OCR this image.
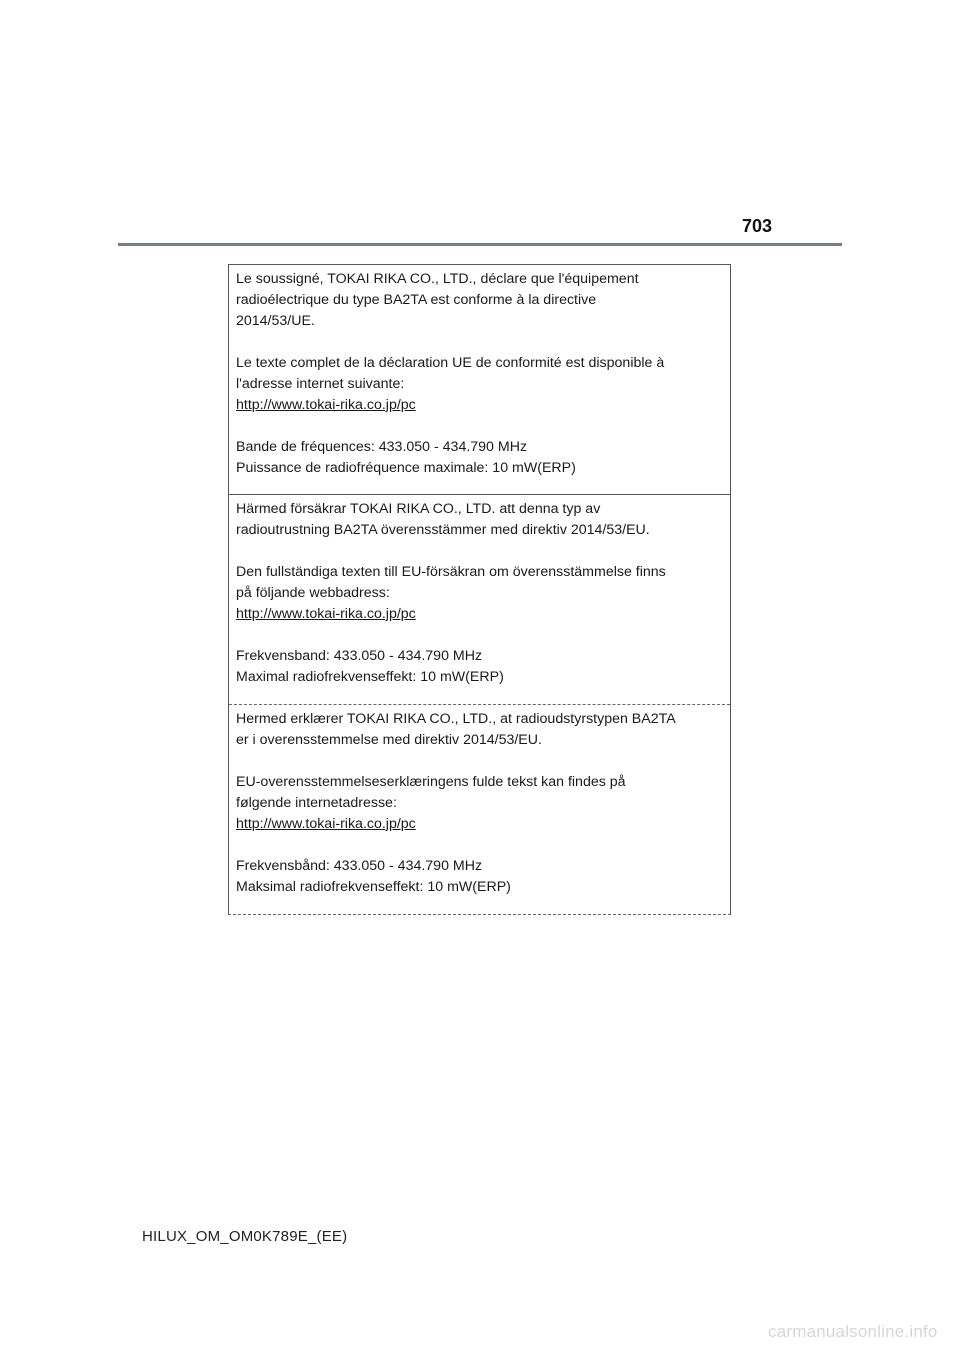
703

Le soussigné, TOKAI RIKA CO., LTD., déclare que l'équipement
radioélectrique du type BA2TA est conforme à la directive
2014/53/UE.

Le texte complet de la déclaration UE de conformité est disponible à
l'adresse internet suivante:
http://www.tokai-rika.co.jp/pc

Bande de fréquences: 433.050 - 434.790 MHz
Puissance de radiofréquence maximale: 10 mW(ERP)

Härmed försäkrar TOKAI RIKA CO., LTD. att denna typ av
radioutrustning BA2TA överensstämmer med direktiv 2014/53/EU.

Den fullständiga texten till EU-försäkran om överensstämmelse finns
på följande webbadress:
http://www.tokai-rika.co.jp/pc

Frekvensband: 433.050 - 434.790 MHz
Maximal radiofrekvenseffekt: 10 mW(ERP)

Hermed erklærer TOKAI RIKA CO., LTD., at radioudstyrstypen BA2TA
er i overensstemmelse med direktiv 2014/53/EU.

EU-overensstemmelseserklæringens fulde tekst kan findes på
følgende internetadresse:
http://www.tokai-rika.co.jp/pc

Frekvensbånd: 433.050 - 434.790 MHz
Maksimal radiofrekvenseffekt: 10 mW(ERP)

HILUX_OM_OM0K789E_(EE)
carmanualsonline.info
